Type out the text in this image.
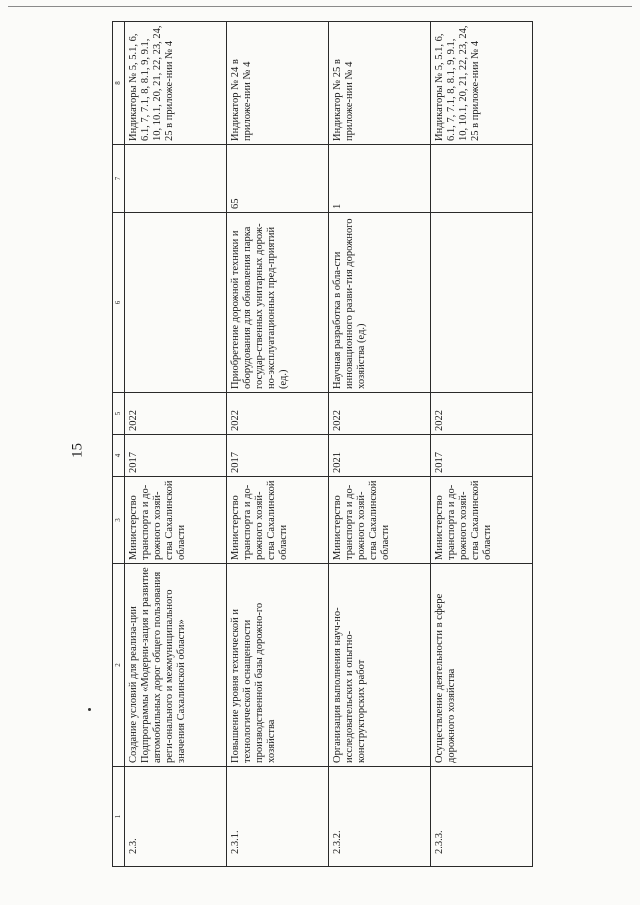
15
1	2	3	4	5	6	7	8
2.3.	Создание условий для реализа-ции Подпрограммы «Модерни-зация и развитие автомобильных дорог общего пользования реги-онального и межмуниципального значения Сахалинской области»	Министерство транспорта и до-рожного хозяй-ства Сахалинской области	2017	2022			Индикаторы № 5, 5.1, 6, 6.1, 7, 7.1, 8, 8.1, 9, 9.1, 10, 10.1, 20, 21, 22, 23, 24, 25 в приложе-нии № 4
2.3.1.	Повышение уровня технической и технологической оснащенности производственной базы дорожно-го хозяйства	Министерство транспорта и до-рожного хозяй-ства Сахалинской области	2017	2022	Приобретение дорожной техники и оборудования для обновления парка государ-ственных унитарных дорож-но-эксплуатационных пред-приятий (ед.)	65	Индикатор № 24 в приложе-нии № 4
2.3.2.	Организация выполнения науч-но-исследовательских и опытно-конструкторских работ	Министерство транспорта и до-рожного хозяй-ства Сахалинской области	2021	2022	Научная разработка в обла-сти инновационного разви-тия дорожного хозяйства (ед.)	1	Индикатор № 25 в приложе-нии № 4
2.3.3.	Осуществление деятельности в сфере дорожного хозяйства	Министерство транспорта и до-рожного хозяй-ства Сахалинской области	2017	2022			Индикаторы № 5, 5.1, 6, 6.1, 7, 7.1, 8, 8.1, 9, 9.1, 10, 10.1, 20, 21, 22, 23, 24, 25 в приложе-нии № 4
